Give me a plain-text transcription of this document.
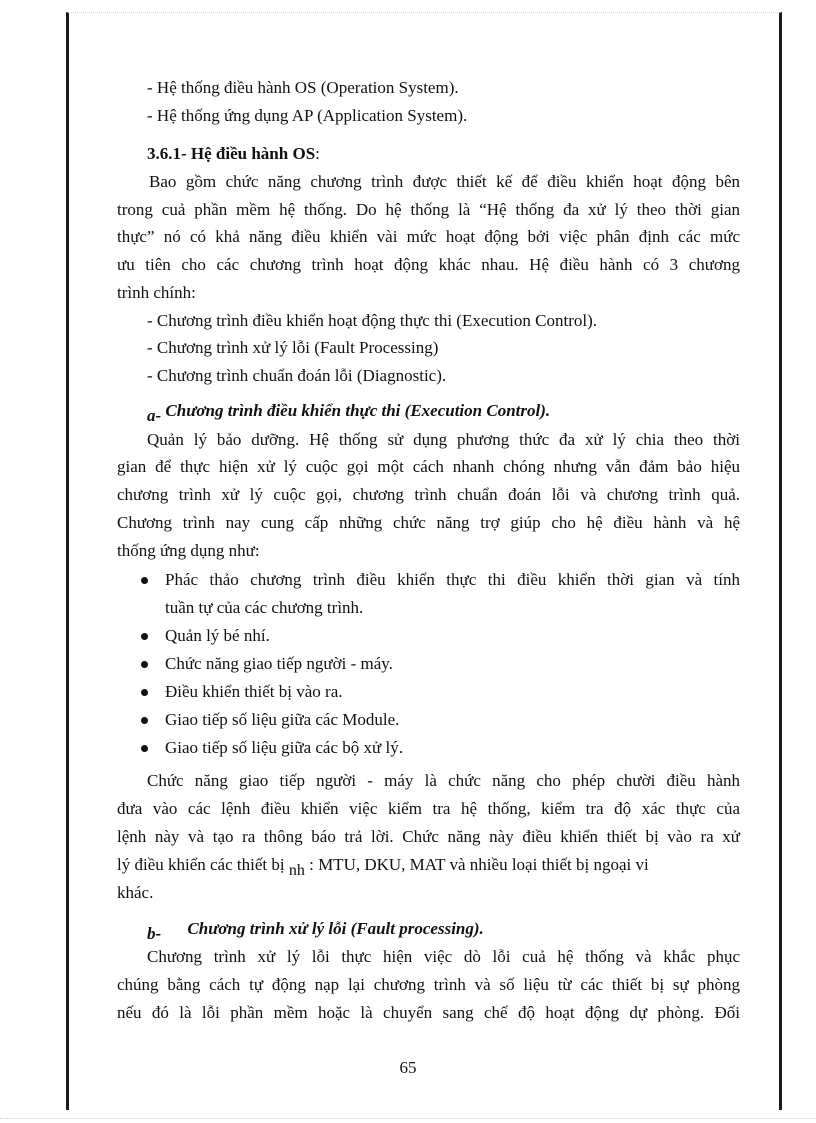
- Hệ thống điều hành OS (Operation System).
- Hệ thống ứng dụng AP (Application System).
3.6.1- Hệ điều hành OS:
Bao gồm chức năng chương trình được thiết kế để điều khiển hoạt động bên
trong cuả phần mềm hệ thống. Do hệ thống là “Hệ thống đa xử lý theo thời gian
thực” nó có khả năng điều khiển vài mức hoạt động bởi việc phân định các mức
ưu tiên cho các chương trình hoạt động khác nhau. Hệ điều hành có 3 chương
trình chính:
- Chương trình điều khiển hoạt động thực thi (Execution Control).
- Chương trình xử lý lỗi (Fault Processing)
- Chương trình chuẩn đoán lỗi (Diagnostic).
a- Chương trình điều khiển thực thi (Execution Control).
Quản lý bảo dưỡng. Hệ thống sử dụng phương thức đa xử lý chia theo thời
gian để thực hiện xử lý cuộc gọi một cách nhanh chóng nhưng vẫn đảm bảo hiệu
chương trình xử lý cuộc gọi, chương trình chuẩn đoán lỗi và chương trình quả.
Chương trình nay cung cấp những chức năng trợ giúp cho hệ điều hành và hệ
thống ứng dụng như:
Phác thảo chương trình điều khiển thực thi điều khiển thời gian và tính
tuần tự của các chương trình.
Quản lý bé nhí.
Chức năng giao tiếp người - máy.
Điều khiển thiết bị vào ra.
Giao tiếp số liệu giữa các Module.
Giao tiếp số liệu giữa các bộ xử lý.
Chức năng giao tiếp người - máy là chức năng cho phép chười điều hành
đưa vào các lệnh điều khiển việc kiểm tra hệ thống, kiểm tra độ xác thực của
lệnh này và tạo ra thông báo trả lời. Chức năng này điều khiển thiết bị vào ra xử
lý điều khiển các thiết bị nh : MTU, DKU, MAT và nhiều loại thiết bị ngoại vi
khác.
b- Chương trình xử lý lỗi (Fault processing).
Chương trình xử lý lỗi thực hiện việc dò lỗi cuả hệ thống và khắc phục
chúng bằng cách tự động nạp lại chương trình và số liệu từ các thiết bị sự phòng
nếu đó là lỗi phần mềm hoặc là chuyển sang chế độ hoạt động dự phòng. Đối
65
